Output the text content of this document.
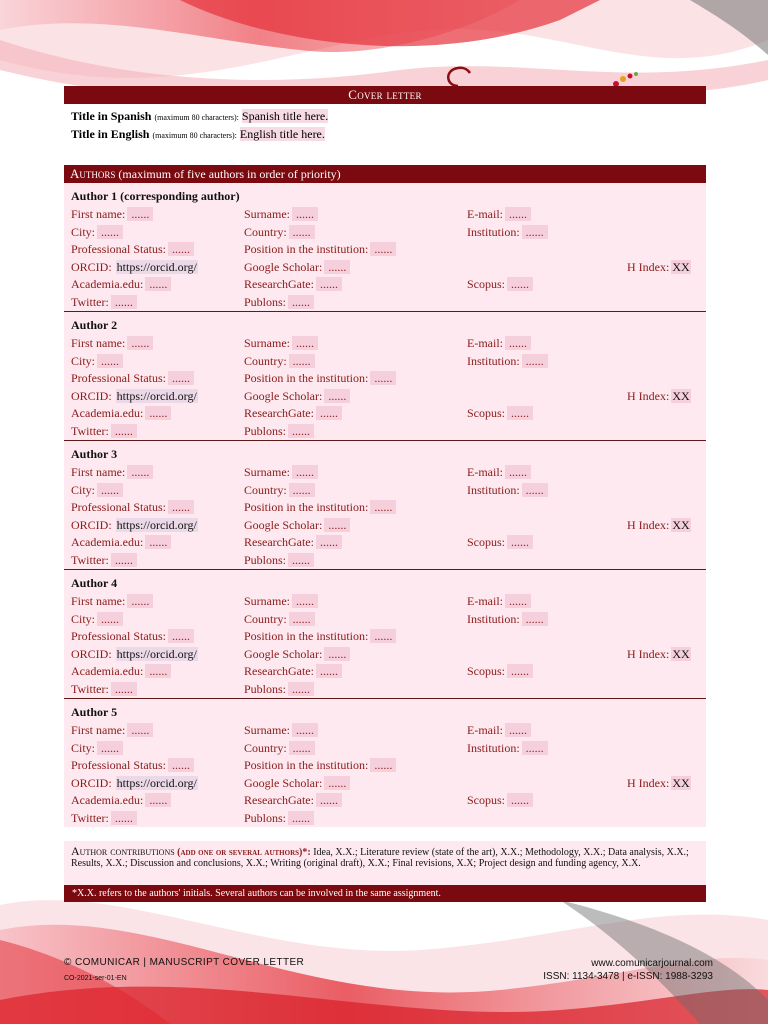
Cover letter
Title in Spanish (maximum 80 characters): Spanish title here.
Title in English (maximum 80 characters): English title here.
Authors (maximum of five authors in order of priority)
Author 1 (corresponding author)
First name: ......	Surname: ......	E-mail: ......
City: ......	Country: ......	Institution: ......
Professional Status: ......	Position in the institution: ......
ORCID: https://orcid.org/	Google Scholar: ......	H Index: XX
Academia.edu: ......	ResearchGate: ......	Scopus: ......
Twitter: ......	Publons: ......
Author 2
First name: ......	Surname: ......	E-mail: ......
City: ......	Country: ......	Institution: ......
Professional Status: ......	Position in the institution: ......
ORCID: https://orcid.org/	Google Scholar: ......	H Index: XX
Academia.edu: ......	ResearchGate: ......	Scopus: ......
Twitter: ......	Publons: ......
Author 3
First name: ......	Surname: ......	E-mail: ......
City: ......	Country: ......	Institution: ......
Professional Status: ......	Position in the institution: ......
ORCID: https://orcid.org/	Google Scholar: ......	H Index: XX
Academia.edu: ......	ResearchGate: ......	Scopus: ......
Twitter: ......	Publons: ......
Author 4
First name: ......	Surname: ......	E-mail: ......
City: ......	Country: ......	Institution: ......
Professional Status: ......	Position in the institution: ......
ORCID: https://orcid.org/	Google Scholar: ......	H Index: XX
Academia.edu: ......	ResearchGate: ......	Scopus: ......
Twitter: ......	Publons: ......
Author 5
First name: ......	Surname: ......	E-mail: ......
City: ......	Country: ......	Institution: ......
Professional Status: ......	Position in the institution: ......
ORCID: https://orcid.org/	Google Scholar: ......	H Index: XX
Academia.edu: ......	ResearchGate: ......	Scopus: ......
Twitter: ......	Publons: ......
Author contributions (add one or several authors)*: Idea, X.X.; Literature review (state of the art), X.X.; Methodology, X.X.; Data analysis, X.X.; Results, X.X.; Discussion and conclusions, X.X.; Writing (original draft), X.X.; Final revisions, X.X; Project design and funding agency, X.X.
*X.X. refers to the authors' initials. Several authors can be involved in the same assignment.
© COMUNICAR | MANUSCRIPT COVER LETTER
CO-2021-ser-01-EN
www.comunicarjournal.com
ISSN: 1134-3478 | e-ISSN: 1988-3293
